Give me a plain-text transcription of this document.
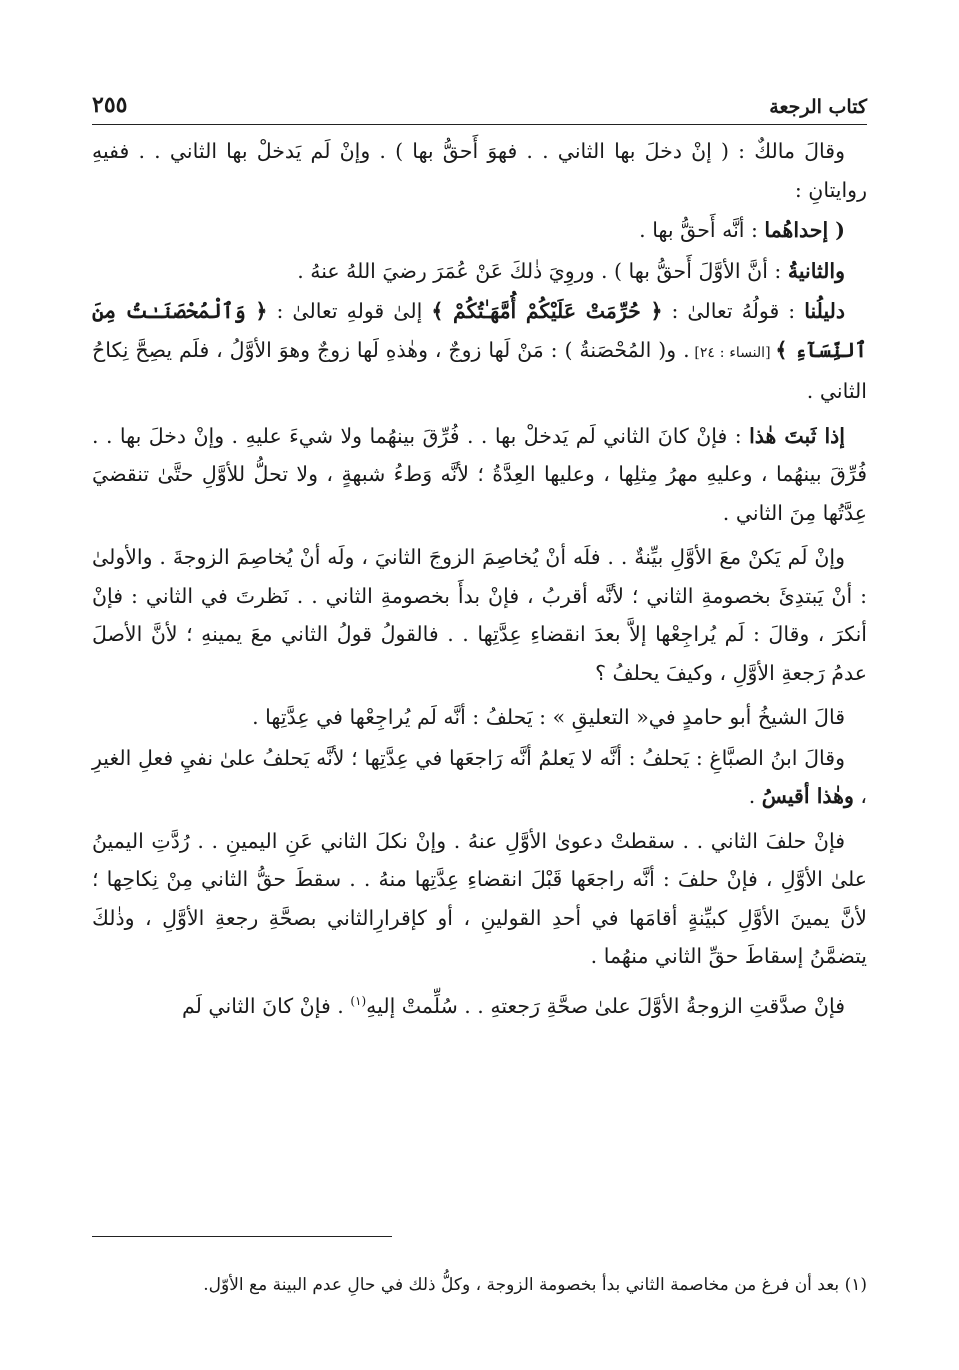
كتاب الرجعة
٢٥٥

وقالَ مالكٌ : ( إنْ دخلَ بها الثاني . . فهوَ أَحقُّ بها ) . وإنْ لَم يَدخلْ بها الثاني . . ففيهِ روايتانِ :

( إحداهُما : أنَّه أَحقُّ بها .

والثانيةُ : أنَّ الأوَّلَ أَحقُّ بها ) . وروِيَ ذٰلكَ عَنْ عُمَرَ رضيَ اللهُ عنهُ .

دليلُنا : قولُهُ تعالىٰ : ﴿ حُرِّمَتْ عَلَيْكُمْ أُمَّهَـٰتُكُمْ ﴾ إلىٰ قولهِ تعالىٰ : ﴿ وَٱلْمُحْصَنَـٰتُ مِنَ ٱلنِّسَآءِ ﴾ [النساء : ٢٤] . و( المُحْصَنةُ ) : مَنْ لَها زوجٌ ، وهٰذهِ لَها زوجٌ وهوَ الأوَّلُ ، فلَم يصِحَّ نِكاحُ الثاني .

إذا ثَبتَ هٰذا : فإنْ كانَ الثاني لَم يَدخلْ بها . . فُرِّقَ بينهُما ولا شيءَ عليهِ . وإنْ دخلَ بها . . فُرِّقَ بينهُما ، وعليهِ مهرُ مِثلِها ، وعليها العِدَّةُ ؛ لأنَّه وَطءُ شبهةٍ ، ولا تحلُّ للأوَّلِ حتَّىٰ تنقضيَ عِدَّتُها مِنَ الثاني .

وإنْ لَم يَكنْ معَ الأوَّلِ بيِّنةٌ . . فلَه أنْ يُخاصِمَ الزوجَ الثانيَ ، ولَه أنْ يُخاصِمَ الزوجةَ . والأولىٰ : أنْ يَبتدِئَ بخصومةِ الثاني ؛ لأنَّه أقربُ ، فإنْ بدأَ بخصومةِ الثاني . . نَظرتَ في الثاني : فإنْ أنكرَ ، وقالَ : لَم يُراجِعْها إلاَّ بعدَ انقضاءِ عِدَّتِها . . فالقولُ قولُ الثاني معَ يمينهِ ؛ لأنَّ الأصلَ عدمُ رَجعةِ الأوَّلِ ، وكيفَ يحلفُ ؟

قالَ الشيخُ أبو حامدٍ في« التعليقِ » : يَحلفُ : أنَّه لَم يُراجِعْها في عِدَّتِها .

وقالَ ابنُ الصبَّاغِ : يَحلفُ : أنَّه لا يَعلمُ أنَّه رَاجعَها في عِدَّتِها ؛ لأنَّه يَحلفُ علىٰ نفيِ فعلِ الغيرِ ، وهٰذا أقيسُ .

فإنْ حلفَ الثاني . . سقطتْ دعوىٰ الأوَّلِ عنهُ . وإنْ نكلَ الثاني عَنِ اليمينِ . . رُدَّتِ اليمينُ علىٰ الأوَّلِ ، فإنْ حلفَ : أنَّه راجعَها قَبْلَ انقضاءِ عِدَّتِها منهُ . . سقطَ حقُّ الثاني مِنْ نِكاحِها ؛ لأنَّ يمينَ الأوَّلِ كبيِّنةٍ أقامَها في أحدِ القولينِ ، أو كإقرارِالثاني بصحَّةِ رجعةِ الأوَّلِ ، وذٰلكَ يتضمَّنُ إسقاطَ حقِّ الثاني منهُما .

فإنْ صدَّقتِ الزوجةُ الأوَّلَ علىٰ صحَّةِ رَجعتهِ . . سُلِّمتْ إليهِ$^{(١)}$ . فإنْ كانَ الثاني لَم

(١) بعد أن فرغ من مخاصمة الثاني بدأ بخصومة الزوجة ، وكلُّ ذلك في حالِ عدم البينة مع الأوّل.
